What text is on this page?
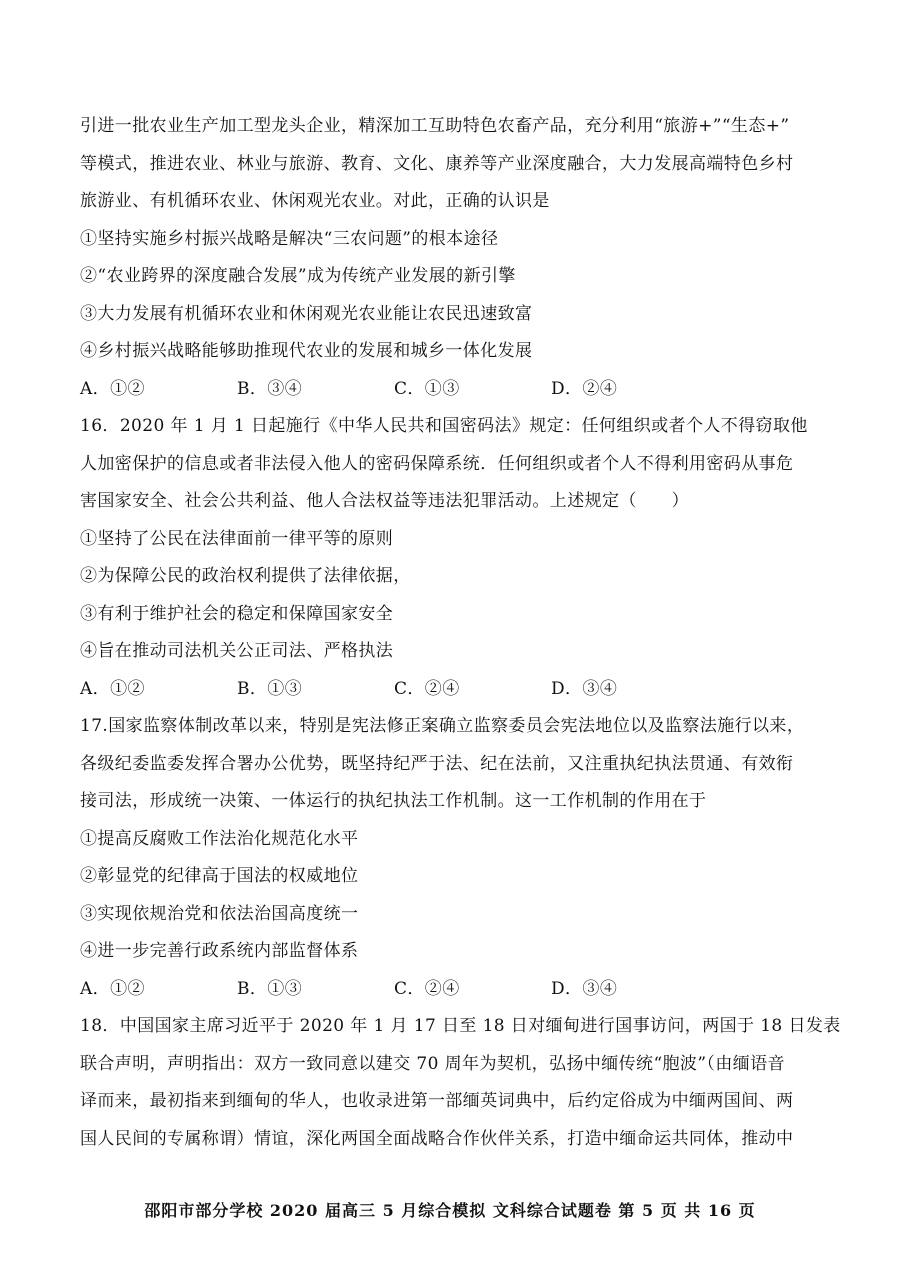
引进一批农业生产加工型龙头企业，精深加工互助特色农畜产品，充分利用“旅游+”“生态+”
等模式，推进农业、林业与旅游、教育、文化、康养等产业深度融合，大力发展高端特色乡村
旅游业、有机循环农业、休闲观光农业。对此，正确的认识是
①坚持实施乡村振兴战略是解决“三农问题”的根本途径
②“农业跨界的深度融合发展”成为传统产业发展的新引擎
③大力发展有机循环农业和休闲观光农业能让农民迅速致富
④乡村振兴战略能够助推现代农业的发展和城乡一体化发展
A．①②	B．③④	C．①③	D．②④
16．2020 年 1 月 1 日起施行《中华人民共和国密码法》规定：任何组织或者个人不得窃取他
人加密保护的信息或者非法侵入他人的密码保障系统．任何组织或者个人不得利用密码从事危
害国家安全、社会公共利益、他人合法权益等违法犯罪活动。上述规定（　　）
①坚持了公民在法律面前一律平等的原则
②为保障公民的政治权利提供了法律依据，
③有利于维护社会的稳定和保障国家安全
④旨在推动司法机关公正司法、严格执法
A．①②	B．①③	C．②④	D．③④
17.国家监察体制改革以来，特别是宪法修正案确立监察委员会宪法地位以及监察法施行以来，
各级纪委监委发挥合署办公优势，既坚持纪严于法、纪在法前，又注重执纪执法贯通、有效衔
接司法，形成统一决策、一体运行的执纪执法工作机制。这一工作机制的作用在于
①提高反腐败工作法治化规范化水平
②彰显党的纪律高于国法的权威地位
③实现依规治党和依法治国高度统一
④进一步完善行政系统内部监督体系
A．①②	B．①③	C．②④	D．③④
18．中国国家主席习近平于 2020 年 1 月 17 日至 18 日对缅甸进行国事访问，两国于 18 日发表
联合声明，声明指出：双方一致同意以建交 70 周年为契机，弘扬中缅传统“胞波”（由缅语音
译而来，最初指来到缅甸的华人，也收录进第一部缅英词典中，后约定俗成为中缅两国间、两
国人民间的专属称谓）情谊，深化两国全面战略合作伙伴关系，打造中缅命运共同体，推动中
邵阳市部分学校 2020 届高三 5 月综合模拟 文科综合试题卷 第 5 页 共 16 页
